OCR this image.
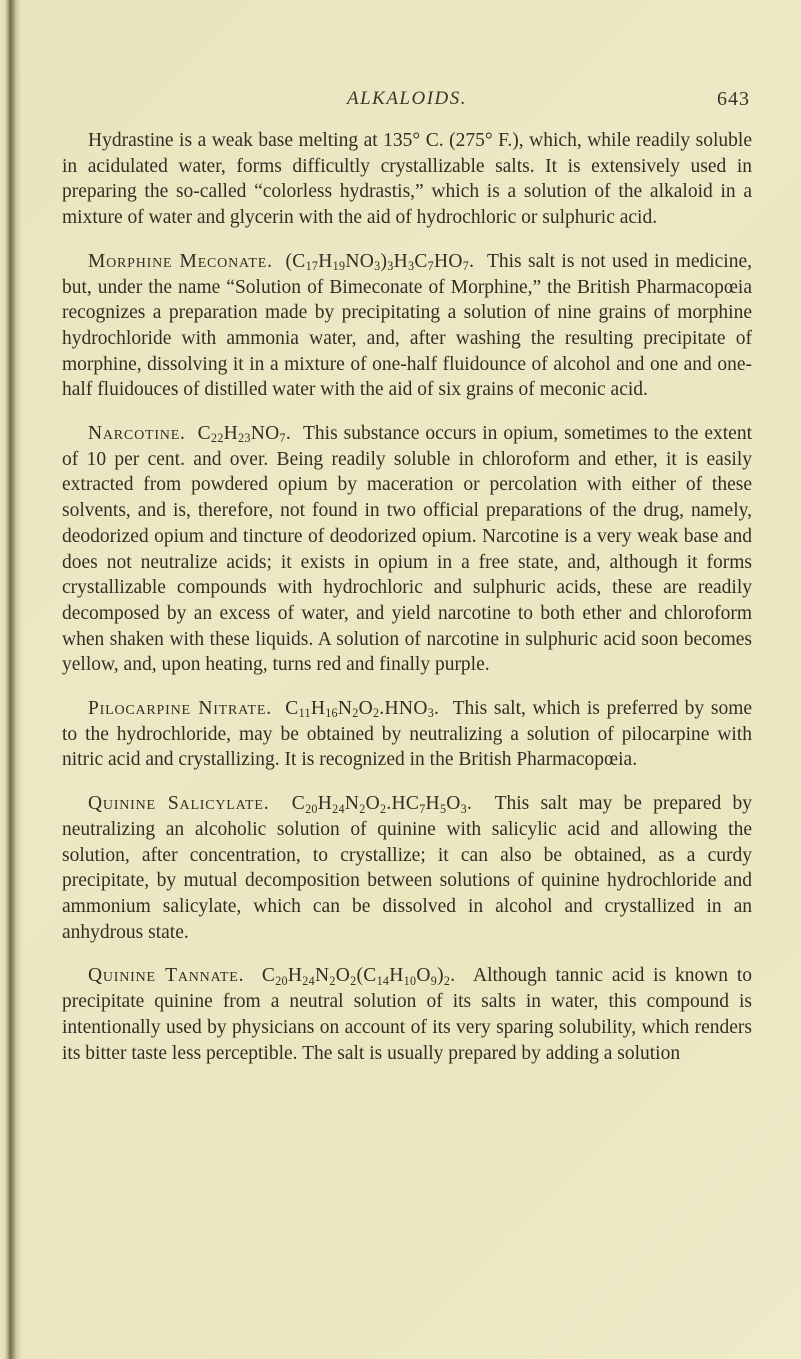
ALKALOIDS.	643

Hydrastine is a weak base melting at 135° C. (275° F.), which, while readily soluble in acidulated water, forms difficultly crystallizable salts. It is extensively used in preparing the so-called “colorless hydrastis,” which is a solution of the alkaloid in a mixture of water and glycerin with the aid of hydrochloric or sulphuric acid.

Morphine Meconate. $(C_{17}H_{19}NO_3)_3H_3C_7HO_7$. This salt is not used in medicine, but, under the name “Solution of Bimeconate of Morphine,” the British Pharmacopœia recognizes a preparation made by precipitating a solution of nine grains of morphine hydrochloride with ammonia water, and, after washing the resulting precipitate of morphine, dissolving it in a mixture of one-half fluidounce of alcohol and one and one-half fluidouces of distilled water with the aid of six grains of meconic acid.

Narcotine. $C_{22}H_{23}NO_7$. This substance occurs in opium, sometimes to the extent of 10 per cent. and over. Being readily soluble in chloroform and ether, it is easily extracted from powdered opium by maceration or percolation with either of these solvents, and is, therefore, not found in two official preparations of the drug, namely, deodorized opium and tincture of deodorized opium. Narcotine is a very weak base and does not neutralize acids; it exists in opium in a free state, and, although it forms crystallizable compounds with hydrochloric and sulphuric acids, these are readily decomposed by an excess of water, and yield narcotine to both ether and chloroform when shaken with these liquids. A solution of narcotine in sulphuric acid soon becomes yellow, and, upon heating, turns red and finally purple.

Pilocarpine Nitrate. $C_{11}H_{16}N_2O_2.HNO_3$. This salt, which is preferred by some to the hydrochloride, may be obtained by neutralizing a solution of pilocarpine with nitric acid and crystallizing. It is recognized in the British Pharmacopœia.

Quinine Salicylate. $C_{20}H_{24}N_2O_2.HC_7H_5O_3$. This salt may be prepared by neutralizing an alcoholic solution of quinine with salicylic acid and allowing the solution, after concentration, to crystallize; it can also be obtained, as a curdy precipitate, by mutual decomposition between solutions of quinine hydrochloride and ammonium salicylate, which can be dissolved in alcohol and crystallized in an anhydrous state.

Quinine Tannate. $C_{20}H_{24}N_2O_2(C_{14}H_{10}O_9)_2$. Although tannic acid is known to precipitate quinine from a neutral solution of its salts in water, this compound is intentionally used by physicians on account of its very sparing solubility, which renders its bitter taste less perceptible. The salt is usually prepared by adding a solution
